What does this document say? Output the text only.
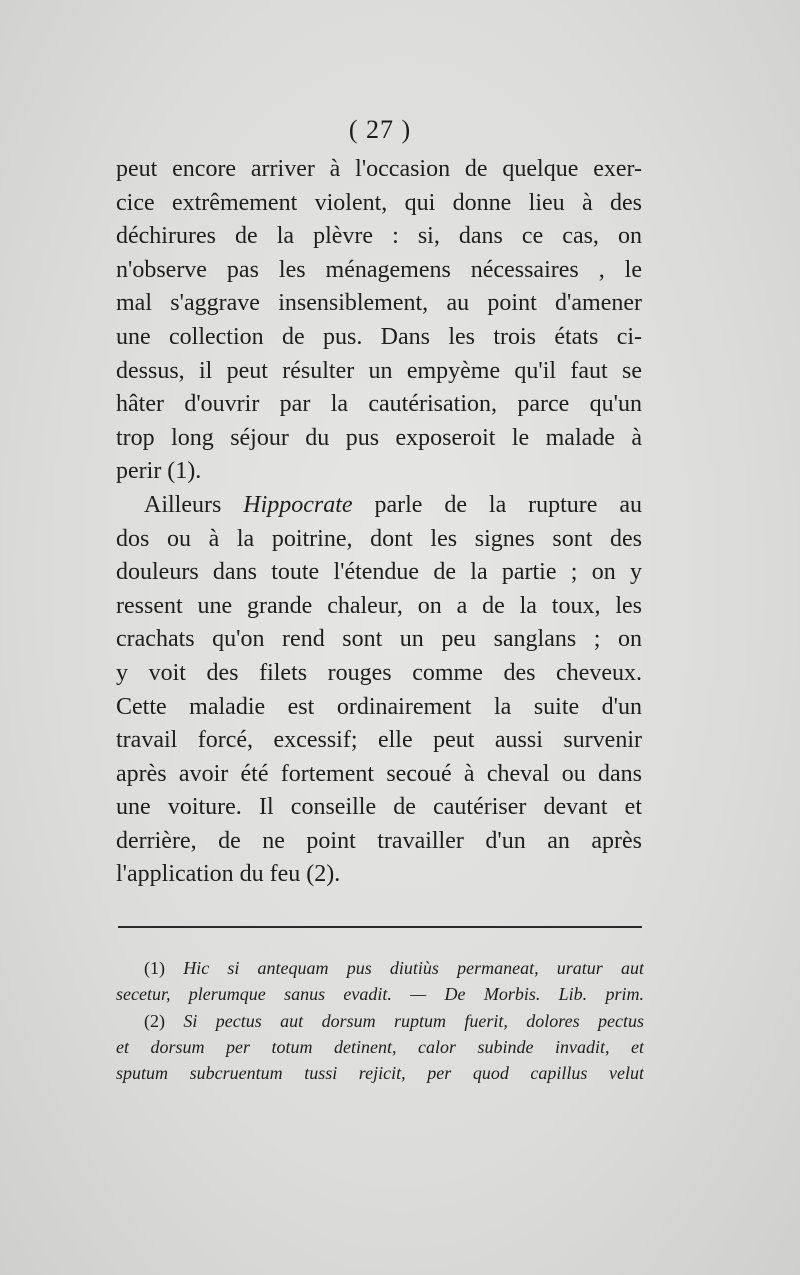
( 27 )
peut encore arriver à l'occasion de quelque exer-
cice extrêmement violent, qui donne lieu à des
déchirures de la plèvre : si, dans ce cas, on
n'observe pas les ménagemens nécessaires , le
mal s'aggrave insensiblement, au point d'amener
une collection de pus. Dans les trois états ci-
dessus, il peut résulter un empyème qu'il faut se
hâter d'ouvrir par la cautérisation, parce qu'un
trop long séjour du pus exposeroit le malade à
perir (1).
Ailleurs Hippocrate parle de la rupture au
dos ou à la poitrine, dont les signes sont des
douleurs dans toute l'étendue de la partie ; on y
ressent une grande chaleur, on a de la toux, les
crachats qu'on rend sont un peu sanglans ; on
y voit des filets rouges comme des cheveux.
Cette maladie est ordinairement la suite d'un
travail forcé, excessif; elle peut aussi survenir
après avoir été fortement secoué à cheval ou dans
une voiture. Il conseille de cautériser devant et
derrière, de ne point travailler d'un an après
l'application du feu (2).
(1) Hic si antequam pus diutiùs permaneat, uratur aut
secetur, plerumque sanus evadit. — De Morbis. Lib. prim.
(2) Si pectus aut dorsum ruptum fuerit, dolores pectus
et dorsum per totum detinent, calor subinde invadit, et
sputum subcruentum tussi rejicit, per quod capillus velut
